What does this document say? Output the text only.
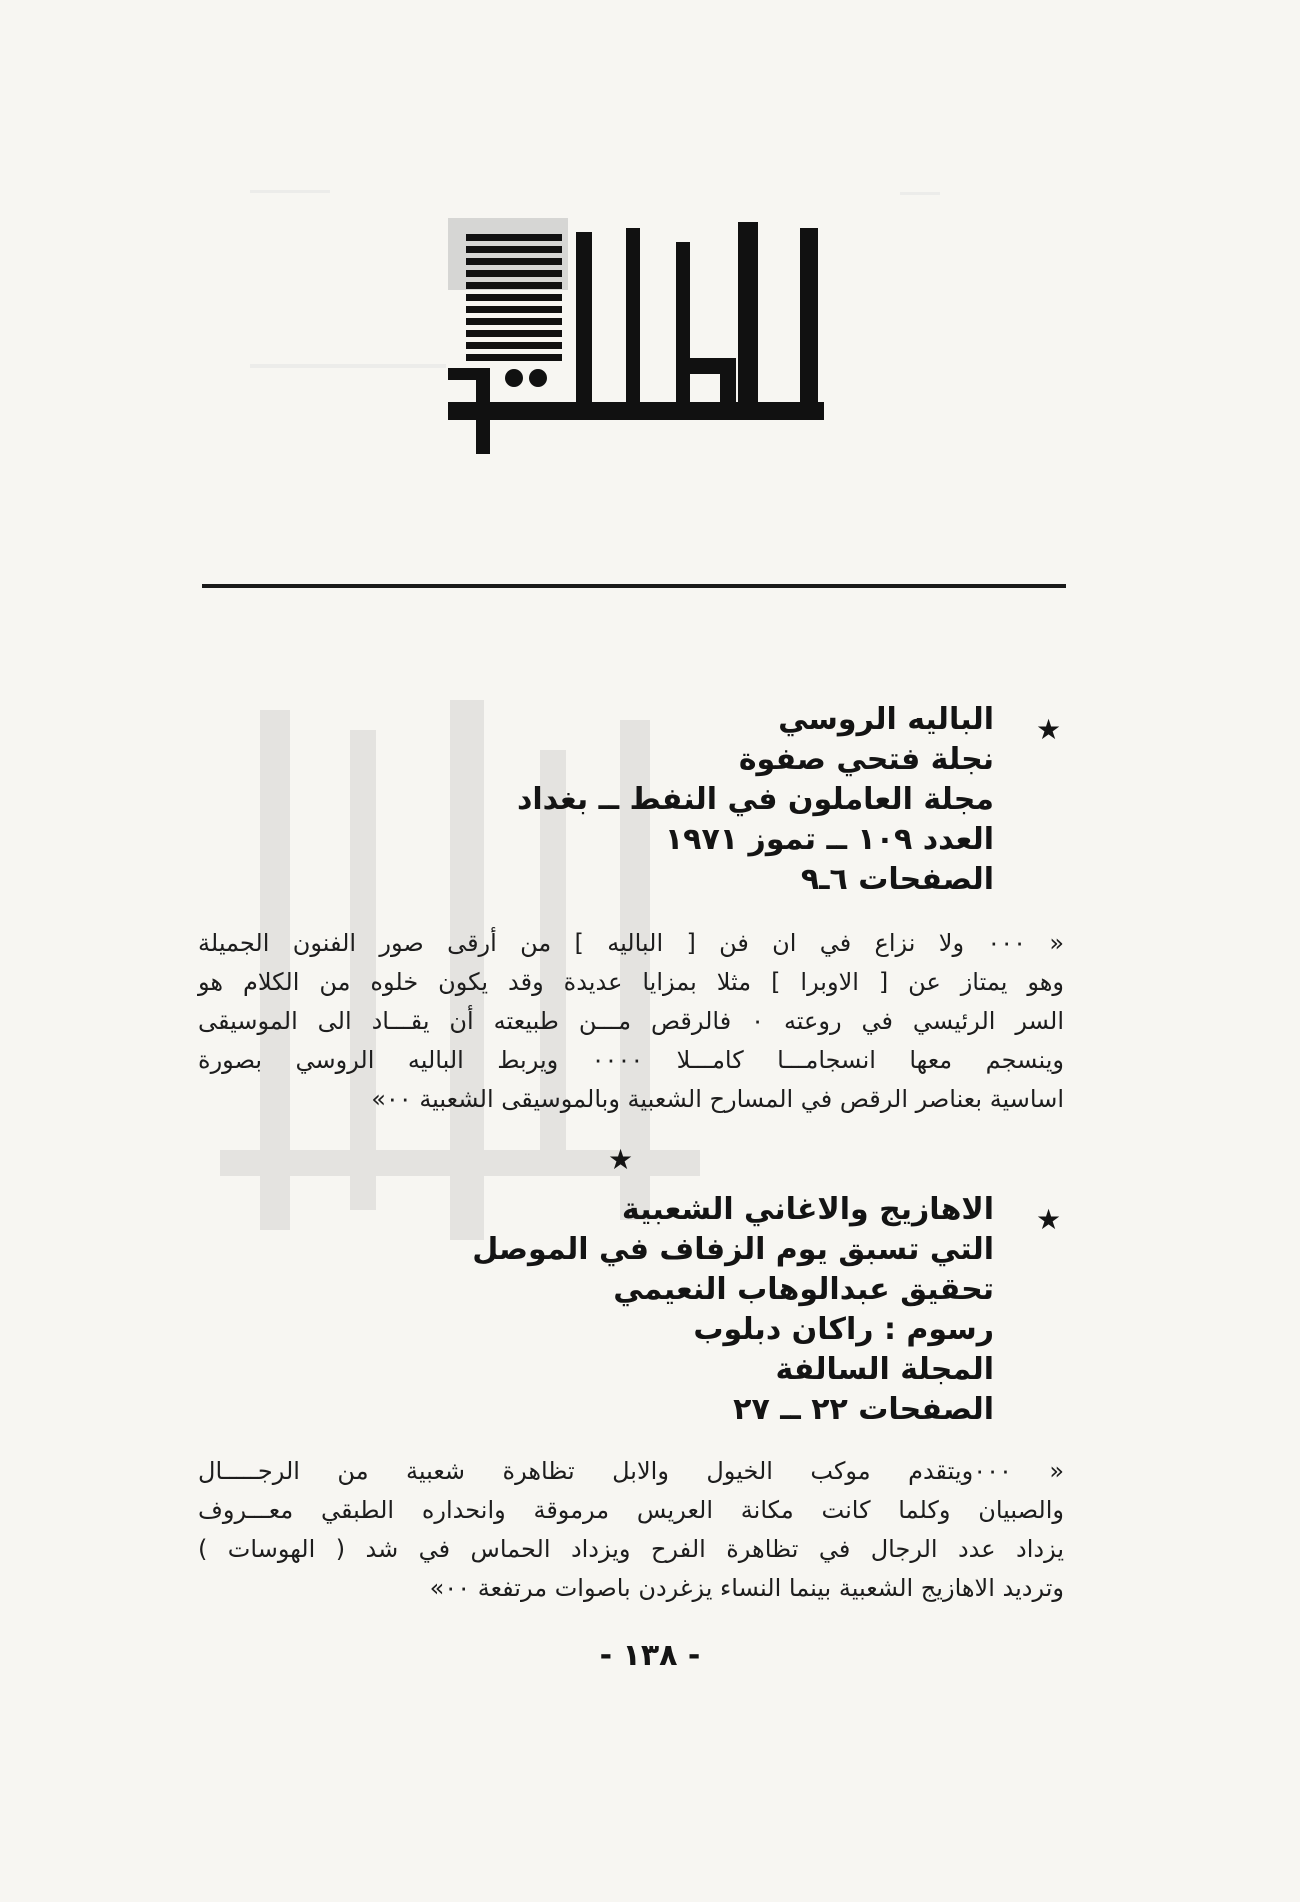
★
الباليه الروسي
نجلة فتحي صفوة
مجلة العاملون في النفط ــ بغداد
العدد ١٠٩ ــ تموز ١٩٧١
الصفحات ٦ـ٩
« ٠٠٠ ولا نزاع في ان فن [ الباليه ] من أرقى صور الفنون الجميلة
وهو يمتاز عن [ الاوبرا ] مثلا بمزايا عديدة وقد يكون خلوه من الكلام هو
السر الرئيسي في روعته ٠ فالرقص مـــن طبيعته أن يقـــاد الى الموسيقى
وينسجم معها انسجامـــا كامـــلا ٠٠٠٠ ويربط الباليه الروسي بصورة
اساسية بعناصر الرقص في المسارح الشعبية وبالموسيقى الشعبية ٠٠»
★
★
الاهازيج والاغاني الشعبية
التي تسبق يوم الزفاف في الموصل
تحقيق عبدالوهاب النعيمي
رسوم : راكان دبلوب
المجلة السالفة
الصفحات ٢٢ ــ ٢٧
« ٠٠٠ويتقدم موكب الخيول والابل تظاهرة شعبية من الرجـــــال
والصبيان وكلما كانت مكانة العريس مرموقة وانحداره الطبقي معـــروف
يزداد عدد الرجال في تظاهرة الفرح ويزداد الحماس في شد ( الهوسات )
وترديد الاهازيج الشعبية بينما النساء يزغردن باصوات مرتفعة ٠٠»
- ١٣٨ -
